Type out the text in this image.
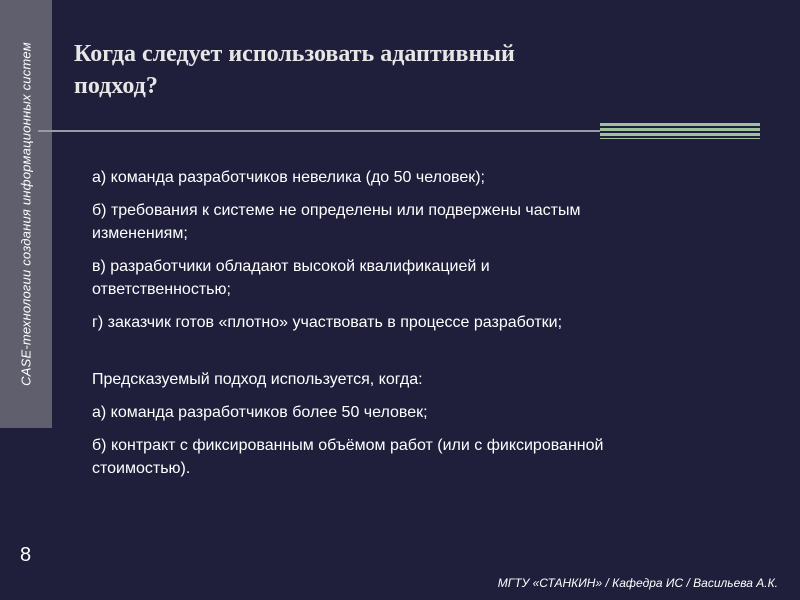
CASE-технологии создания информационных систем Когда следует использовать адаптивный
подход?

а) команда разработчиков невелика (до 50 человек);

б) требования к системе не определены или подвержены частым изменениям;

в) разработчики обладают высокой квалификацией и ответственностью;

г) заказчик готов «плотно» участвовать в процессе разработки;

Предсказуемый подход используется, когда:

а) команда разработчиков более 50 человек;

б) контракт с фиксированным объёмом работ (или с фиксированной стоимостью).

8
МГТУ «СТАНКИН» / Кафедра ИС / Васильева А.К.
